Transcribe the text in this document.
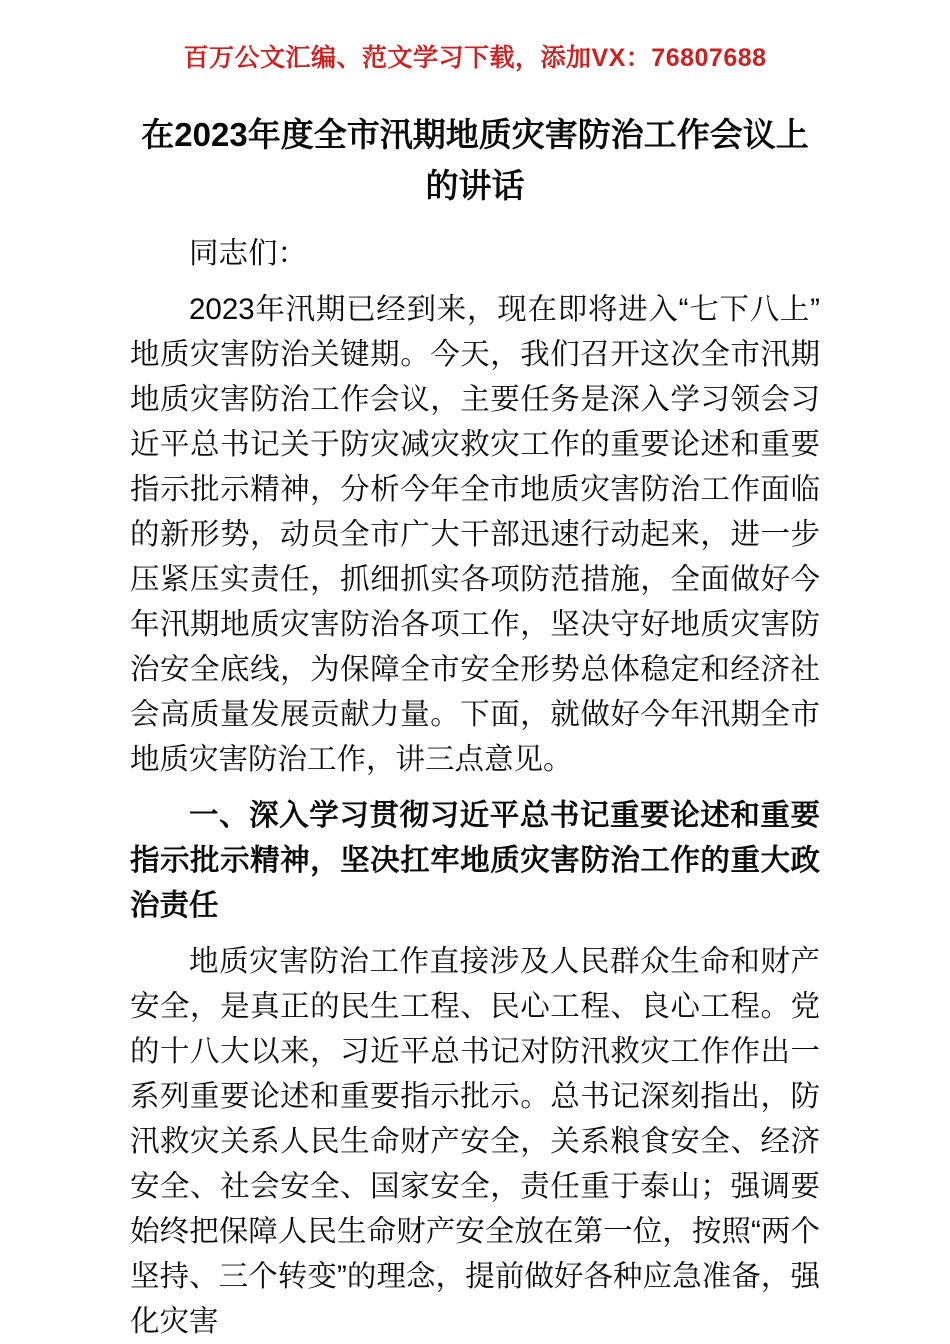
百万公文汇编、范文学习下载，添加VX：76807688
在2023年度全市汛期地质灾害防治工作会议上的讲话

同志们：

2023年汛期已经到来，现在即将进入“七下八上”地质灾害防治关键期。今天，我们召开这次全市汛期地质灾害防治工作会议，主要任务是深入学习领会习近平总书记关于防灾减灾救灾工作的重要论述和重要指示批示精神，分析今年全市地质灾害防治工作面临的新形势，动员全市广大干部迅速行动起来，进一步压紧压实责任，抓细抓实各项防范措施，全面做好今年汛期地质灾害防治各项工作，坚决守好地质灾害防治安全底线，为保障全市安全形势总体稳定和经济社会高质量发展贡献力量。下面，就做好今年汛期全市地质灾害防治工作，讲三点意见。

一、深入学习贯彻习近平总书记重要论述和重要指示批示精神，坚决扛牢地质灾害防治工作的重大政治责任

地质灾害防治工作直接涉及人民群众生命和财产安全，是真正的民生工程、民心工程、良心工程。党的十八大以来，习近平总书记对防汛救灾工作作出一系列重要论述和重要指示批示。总书记深刻指出，防汛救灾关系人民生命财产安全，关系粮食安全、经济安全、社会安全、国家安全，责任重于泰山；强调要始终把保障人民生命财产安全放在第一位，按照“两个坚持、三个转变”的理念，提前做好各种应急准备，强化灾害
